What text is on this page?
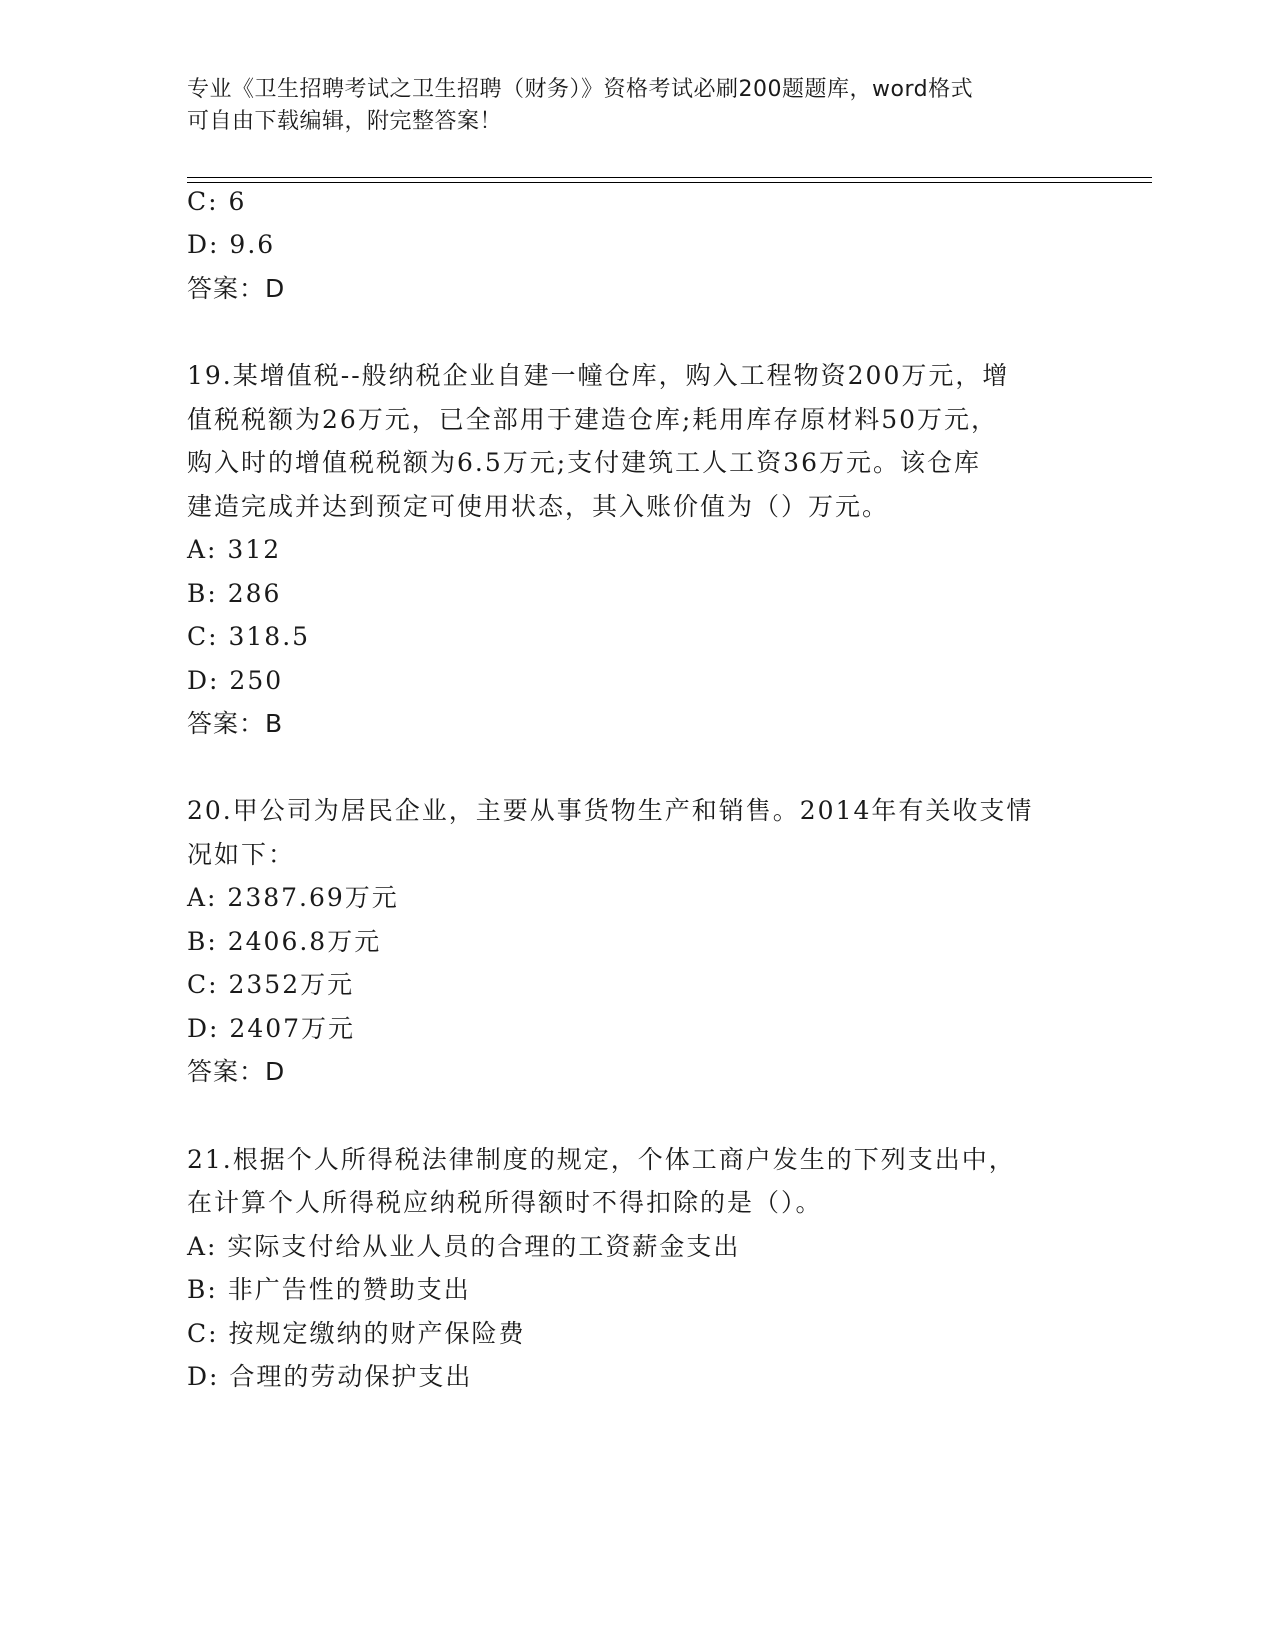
专业《卫生招聘考试之卫生招聘（财务）》资格考试必刷200题题库，word格式
可自由下载编辑，附完整答案！
C: 6
D: 9.6
答案：D
19.某增值税--般纳税企业自建一幢仓库，购入工程物资200万元，增
值税税额为26万元，已全部用于建造仓库;耗用库存原材料50万元，
购入时的增值税税额为6.5万元;支付建筑工人工资36万元。该仓库
建造完成并达到预定可使用状态，其入账价值为（）万元。
A: 312
B: 286
C: 318.5
D: 250
答案：B
20.甲公司为居民企业，主要从事货物生产和销售。2014年有关收支情
况如下：
A: 2387.69万元
B: 2406.8万元
C: 2352万元
D: 2407万元
答案：D
21.根据个人所得税法律制度的规定，个体工商户发生的下列支出中，
在计算个人所得税应纳税所得额时不得扣除的是（）。
A: 实际支付给从业人员的合理的工资薪金支出
B: 非广告性的赞助支出
C: 按规定缴纳的财产保险费
D: 合理的劳动保护支出
